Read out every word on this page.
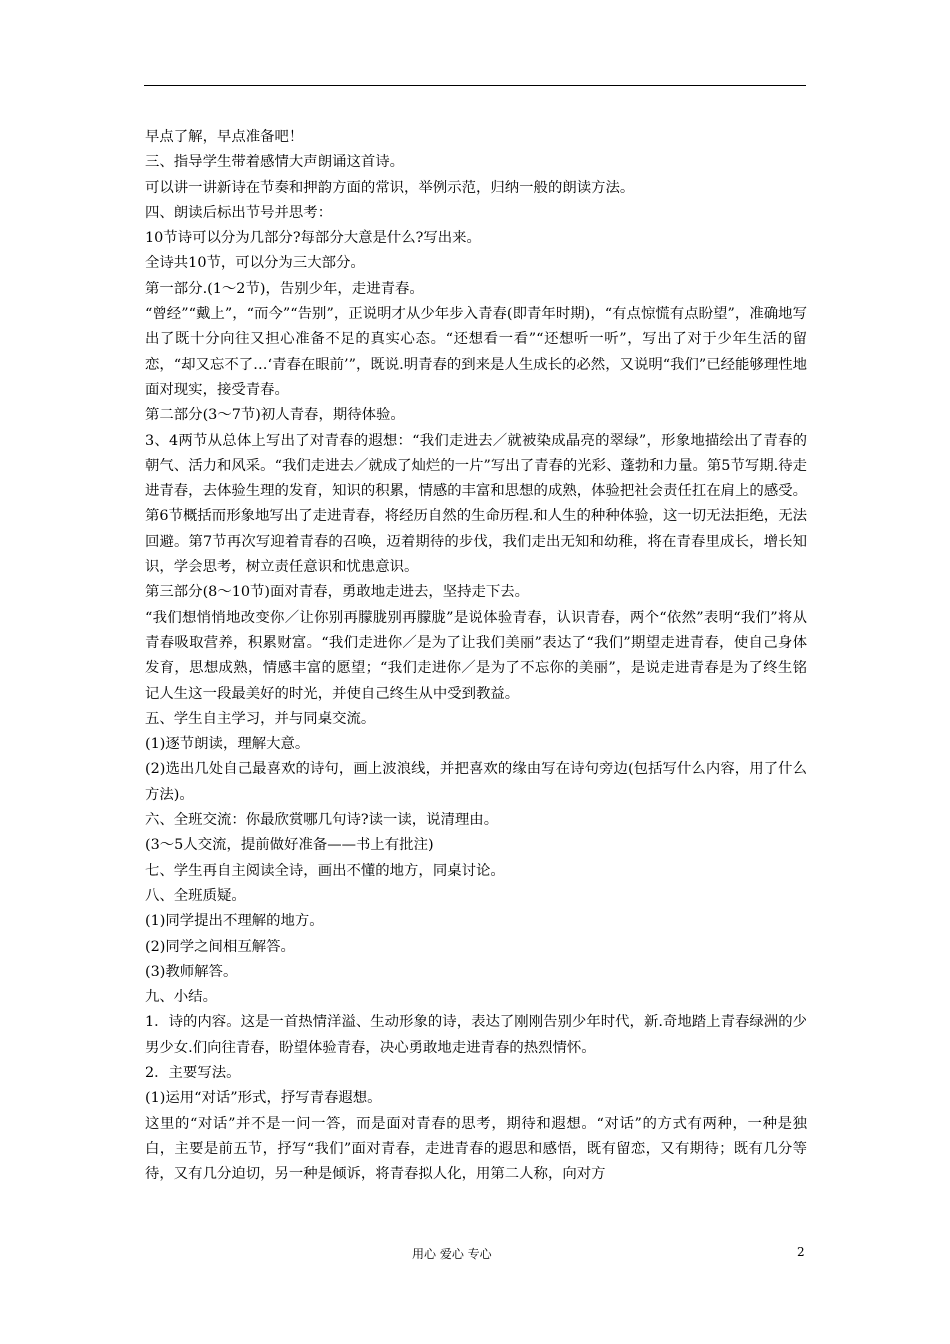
早点了解，早点准备吧！
三、指导学生带着感情大声朗诵这首诗。
可以讲一讲新诗在节奏和押韵方面的常识，举例示范，归纳一般的朗读方法。
四、朗读后标出节号并思考：
10节诗可以分为几部分?每部分大意是什么?写出来。
全诗共10节，可以分为三大部分。
第一部分.(1～2节)，告别少年，走进青春。
“曾经”“戴上”，“而今”“告别”，正说明才从少年步入青春(即青年时期)，“有点惊慌有点盼望”，准确地写出了既十分向往又担心准备不足的真实心态。“还想看一看”“还想听一听”，写出了对于少年生活的留恋，“却又忘不了…‘青春在眼前’”，既说.明青春的到来是人生成长的必然，又说明“我们”已经能够理性地面对现实，接受青春。
第二部分(3～7节)初人青春，期待体验。
3、4两节从总体上写出了对青春的遐想：“我们走进去／就被染成晶亮的翠绿”，形象地描绘出了青春的朝气、活力和风采。“我们走进去／就成了灿烂的一片”写出了青春的光彩、蓬勃和力量。第5节写期.待走进青春，去体验生理的发育，知识的积累，情感的丰富和思想的成熟，体验把社会责任扛在肩上的感受。第6节概括而形象地写出了走进青春，将经历自然的生命历程.和人生的种种体验，这一切无法拒绝，无法回避。第7节再次写迎着青春的召唤，迈着期待的步伐，我们走出无知和幼稚，将在青春里成长，增长知识，学会思考，树立责任意识和忧患意识。
第三部分(8～10节)面对青春，勇敢地走进去，坚持走下去。
“我们想悄悄地改变你／让你别再朦胧别再朦胧”是说体验青春，认识青春，两个“依然”表明“我们”将从青春吸取营养，积累财富。“我们走进你／是为了让我们美丽”表达了“我们”期望走进青春，使自己身体发育，思想成熟，情感丰富的愿望；“我们走进你／是为了不忘你的美丽”，是说走进青春是为了终生铭记人生这一段最美好的时光，并使自己终生从中受到教益。
五、学生自主学习，并与同桌交流。
(1)逐节朗读，理解大意。
(2)选出几处自己最喜欢的诗句，画上波浪线，并把喜欢的缘由写在诗句旁边(包括写什么内容，用了什么方法)。
六、全班交流：你最欣赏哪几句诗?读一读，说清理由。
(3～5人交流，提前做好准备——书上有批注)
七、学生再自主阅读全诗，画出不懂的地方，同桌讨论。
八、全班质疑。
(1)同学提出不理解的地方。
(2)同学之间相互解答。
(3)教师解答。
九、小结。
1．诗的内容。这是一首热情洋溢、生动形象的诗，表达了刚刚告别少年时代，新.奇地踏上青春绿洲的少男少女.们向往青春，盼望体验青春，决心勇敢地走进青春的热烈情怀。
2．主要写法。
(1)运用“对话”形式，抒写青春遐想。
这里的“对话”并不是一问一答，而是面对青春的思考，期待和遐想。“对话”的方式有两种，一种是独白，主要是前五节，抒写“我们”面对青春，走进青春的遐思和感悟，既有留恋，又有期待；既有几分等待，又有几分迫切，另一种是倾诉，将青春拟人化，用第二人称，向对方
用心 爱心 专心	2
